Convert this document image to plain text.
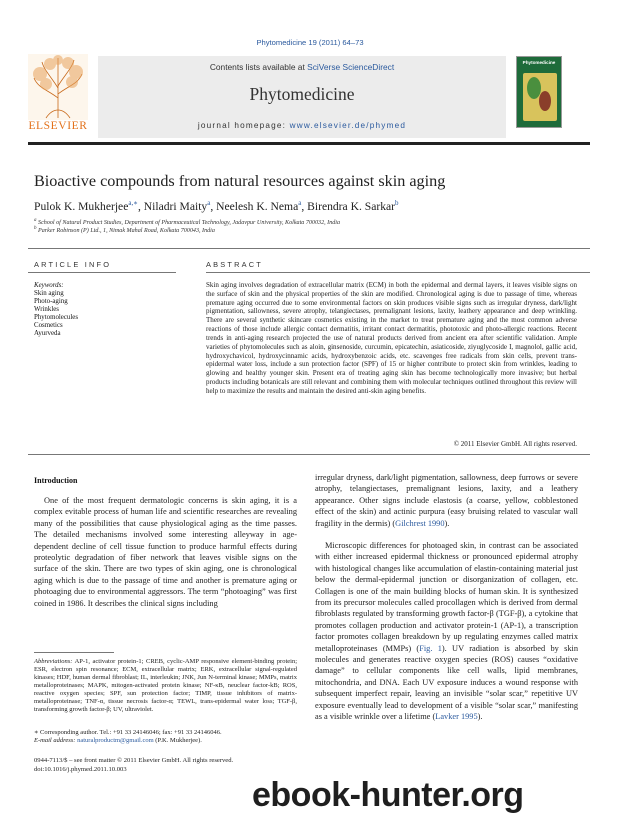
Phytomedicine 19 (2011) 64–73
ELSEVIER
Contents lists available at SciVerse ScienceDirect
Phytomedicine
journal homepage: www.elsevier.de/phymed
Phytomedicine
Bioactive compounds from natural resources against skin aging
Pulok K. Mukherjee$^{a,∗}$, Niladri Maity$^a$, Neelesh K. Nema$^a$, Birendra K. Sarkar$^b$
$^a$ School of Natural Product Studies, Department of Pharmaceutical Technology, Jadavpur University, Kolkata 700032, India
$^b$ Parker Robinson (P) Ltd., 1, Nimak Mahal Road, Kolkata 700043, India
ARTICLE INFO	ABSTRACT
Keywords:
Skin aging
Photo-aging
Wrinkles
Phytomolecules
Cosmetics
Ayurveda
Skin aging involves degradation of extracellular matrix (ECM) in both the epidermal and dermal layers, it leaves visible signs on the surface of skin and the physical properties of the skin are modified. Chronological aging is due to passage of time, whereas premature aging occurred due to some environmental factors on skin produces visible signs such as irregular dryness, dark/light pigmentation, sallowness, severe atrophy, telangiectases, premalignant lesions, laxity, leathery appearance and deep wrinkling. There are several synthetic skincare cosmetics existing in the market to treat premature aging and the most common adverse reactions of those include allergic contact dermatitis, irritant contact dermatitis, phototoxic and photo-allergic reactions. Recent trends in anti-aging research projected the use of natural products derived from ancient era after scientific validation. Ample varieties of phytomolecules such as aloin, ginsenoside, curcumin, epicatechin, asiaticoside, ziyuglycoside I, magnolol, gallic acid, hydroxychavicol, hydroxycinnamic acids, hydroxybenzoic acids, etc. scavenges free radicals from skin cells, prevent trans-epidermal water loss, include a sun protection factor (SPF) of 15 or higher contribute to protect skin from wrinkles, leading to glowing and healthy younger skin. Present era of treating aging skin has become technologically more invasive; but herbal products including botanicals are still relevant and combining them with molecular techniques outlined throughout this review will help to maximize the results and maintain the desired anti-skin aging benefits.
© 2011 Elsevier GmbH. All rights reserved.
Introduction
One of the most frequent dermatologic concerns is skin aging, it is a complex evitable process of human life and scientific researches are revealing many of the possibilities that cause physiological aging as the time passes. The detailed mechanisms involved some interesting alleyway in age-dependent decline of cell tissue function to produce harmful effects during proteolytic degradation of fiber network that leaves visible signs on the surface of the skin. There are two types of skin aging, one is chronological aging which is due to the passage of time and another is premature aging or photoaging due to environmental aggressors. The term “photoaging” was first coined in 1986. It describes the clinical signs including
irregular dryness, dark/light pigmentation, sallowness, deep furrows or severe atrophy, telangiectases, premalignant lesions, laxity, and a leathery appearance. Other signs include elastosis (a coarse, yellow, cobblestoned effect of the skin) and actinic purpura (easy bruising related to vascular wall fragility in the dermis) (Gilchrest 1990).
Microscopic differences for photoaged skin, in contrast can be associated with either increased epidermal thickness or pronounced epidermal atrophy with histological changes like accumulation of elastin-containing material just below the dermal-epidermal junction or disorganization of collagen, etc. Collagen is one of the main building blocks of human skin. It is synthesized from its precursor molecules called procollagen which is derived from dermal fibroblasts regulated by transforming growth factor-β (TGF-β), a cytokine that promotes collagen production and activator protein-1 (AP-1), a transcription factor promotes collagen breakdown by up regulating enzymes called matrix metalloproteinases (MMPs) (Fig. 1). UV radiation is absorbed by skin molecules and generates reactive oxygen species (ROS) causes “oxidative damage” to cellular components like cell walls, lipid membranes, mitochondria, and DNA. Each UV exposure induces a wound response with subsequent imperfect repair, leaving an invisible “solar scar,” repetitive UV exposure eventually lead to development of a visible “solar scar,” manifesting as a visible wrinkle over a lifetime (Lavker 1995).
Abbreviations: AP-1, activator protein-1; CREB, cyclic-AMP responsive element-binding protein; ESR, electron spin resonance; ECM, extracellular matrix; ERK, extracellular signal-regulated kinases; HDF, human dermal fibroblast; IL, interleukin; JNK, Jun N-terminal kinase; MMPs, matrix metalloproteinases; MAPK, mitogen-activated protein kinase; NF-κB, neuclear factor-kB; ROS, reactive oxygen species; SPF, sun protection factor; TIMP, tissue inhibitors of matrix-metalloproteinase; TNF-α, tissue necrosis factor-α; TEWL, trans-epidermal water loss; TGF-β, transforming growth factor-β; UV, ultraviolet.
∗ Corresponding author. Tel.: +91 33 24146046; fax: +91 33 24146046.
E-mail address: naturalproductm@gmail.com (P.K. Mukherjee).
0944-7113/$ – see front matter © 2011 Elsevier GmbH. All rights reserved.
doi:10.1016/j.phymed.2011.10.003
ebook-hunter.org
